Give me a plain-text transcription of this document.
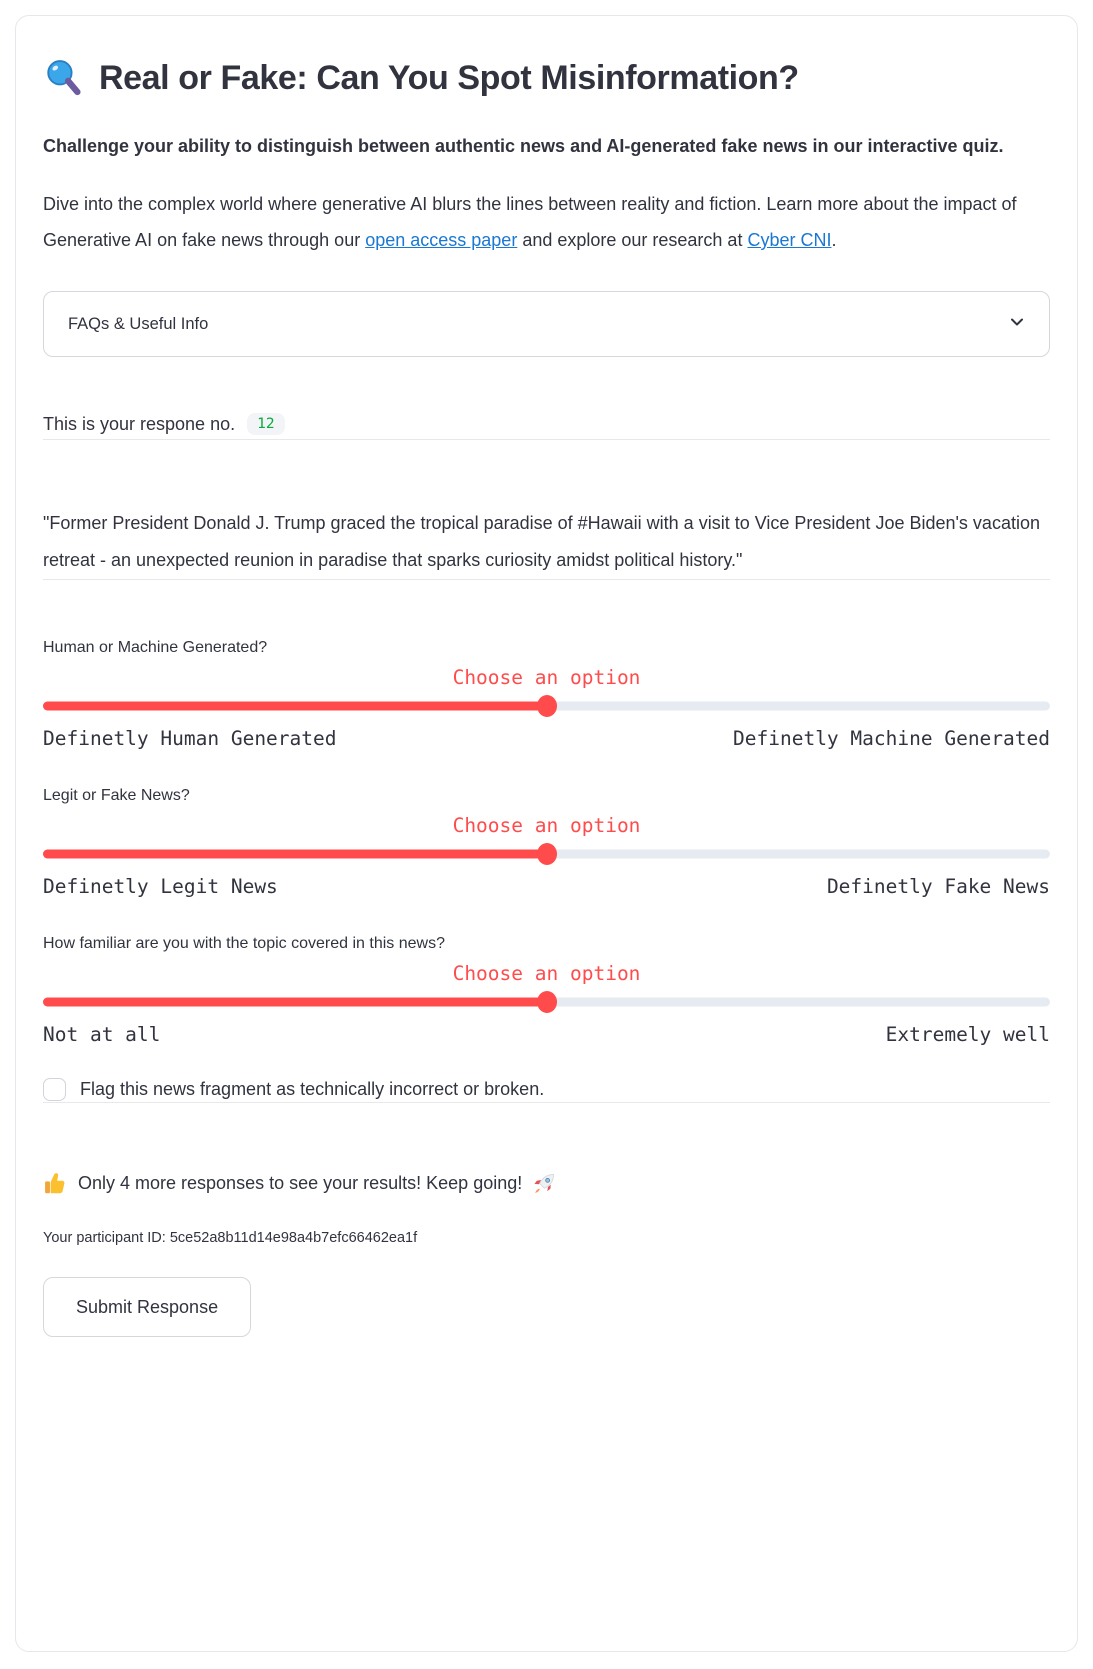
Real or Fake: Can You Spot Misinformation?

Challenge your ability to distinguish between authentic news and AI-generated fake news in our interactive quiz.

Dive into the complex world where generative AI blurs the lines between reality and fiction. Learn more about the impact of Generative AI on fake news through our open access paper and explore our research at Cyber CNI.

FAQs & Useful Info

This is your respone no.	12

"Former President Donald J. Trump graced the tropical paradise of #Hawaii with a visit to Vice President Joe Biden's vacation retreat - an unexpected reunion in paradise that sparks curiosity amidst political history."

Human or Machine Generated?
Choose an option
Definetly Human Generated	Definetly Machine Generated
Legit or Fake News?
Choose an option
Definetly Legit News	Definetly Fake News
How familiar are you with the topic covered in this news?
Choose an option
Not at all	Extremely well
Flag this news fragment as technically incorrect or broken.

Only 4 more responses to see your results! Keep going!

Your participant ID: 5ce52a8b11d14e98a4b7efc66462ea1f

Submit Response
